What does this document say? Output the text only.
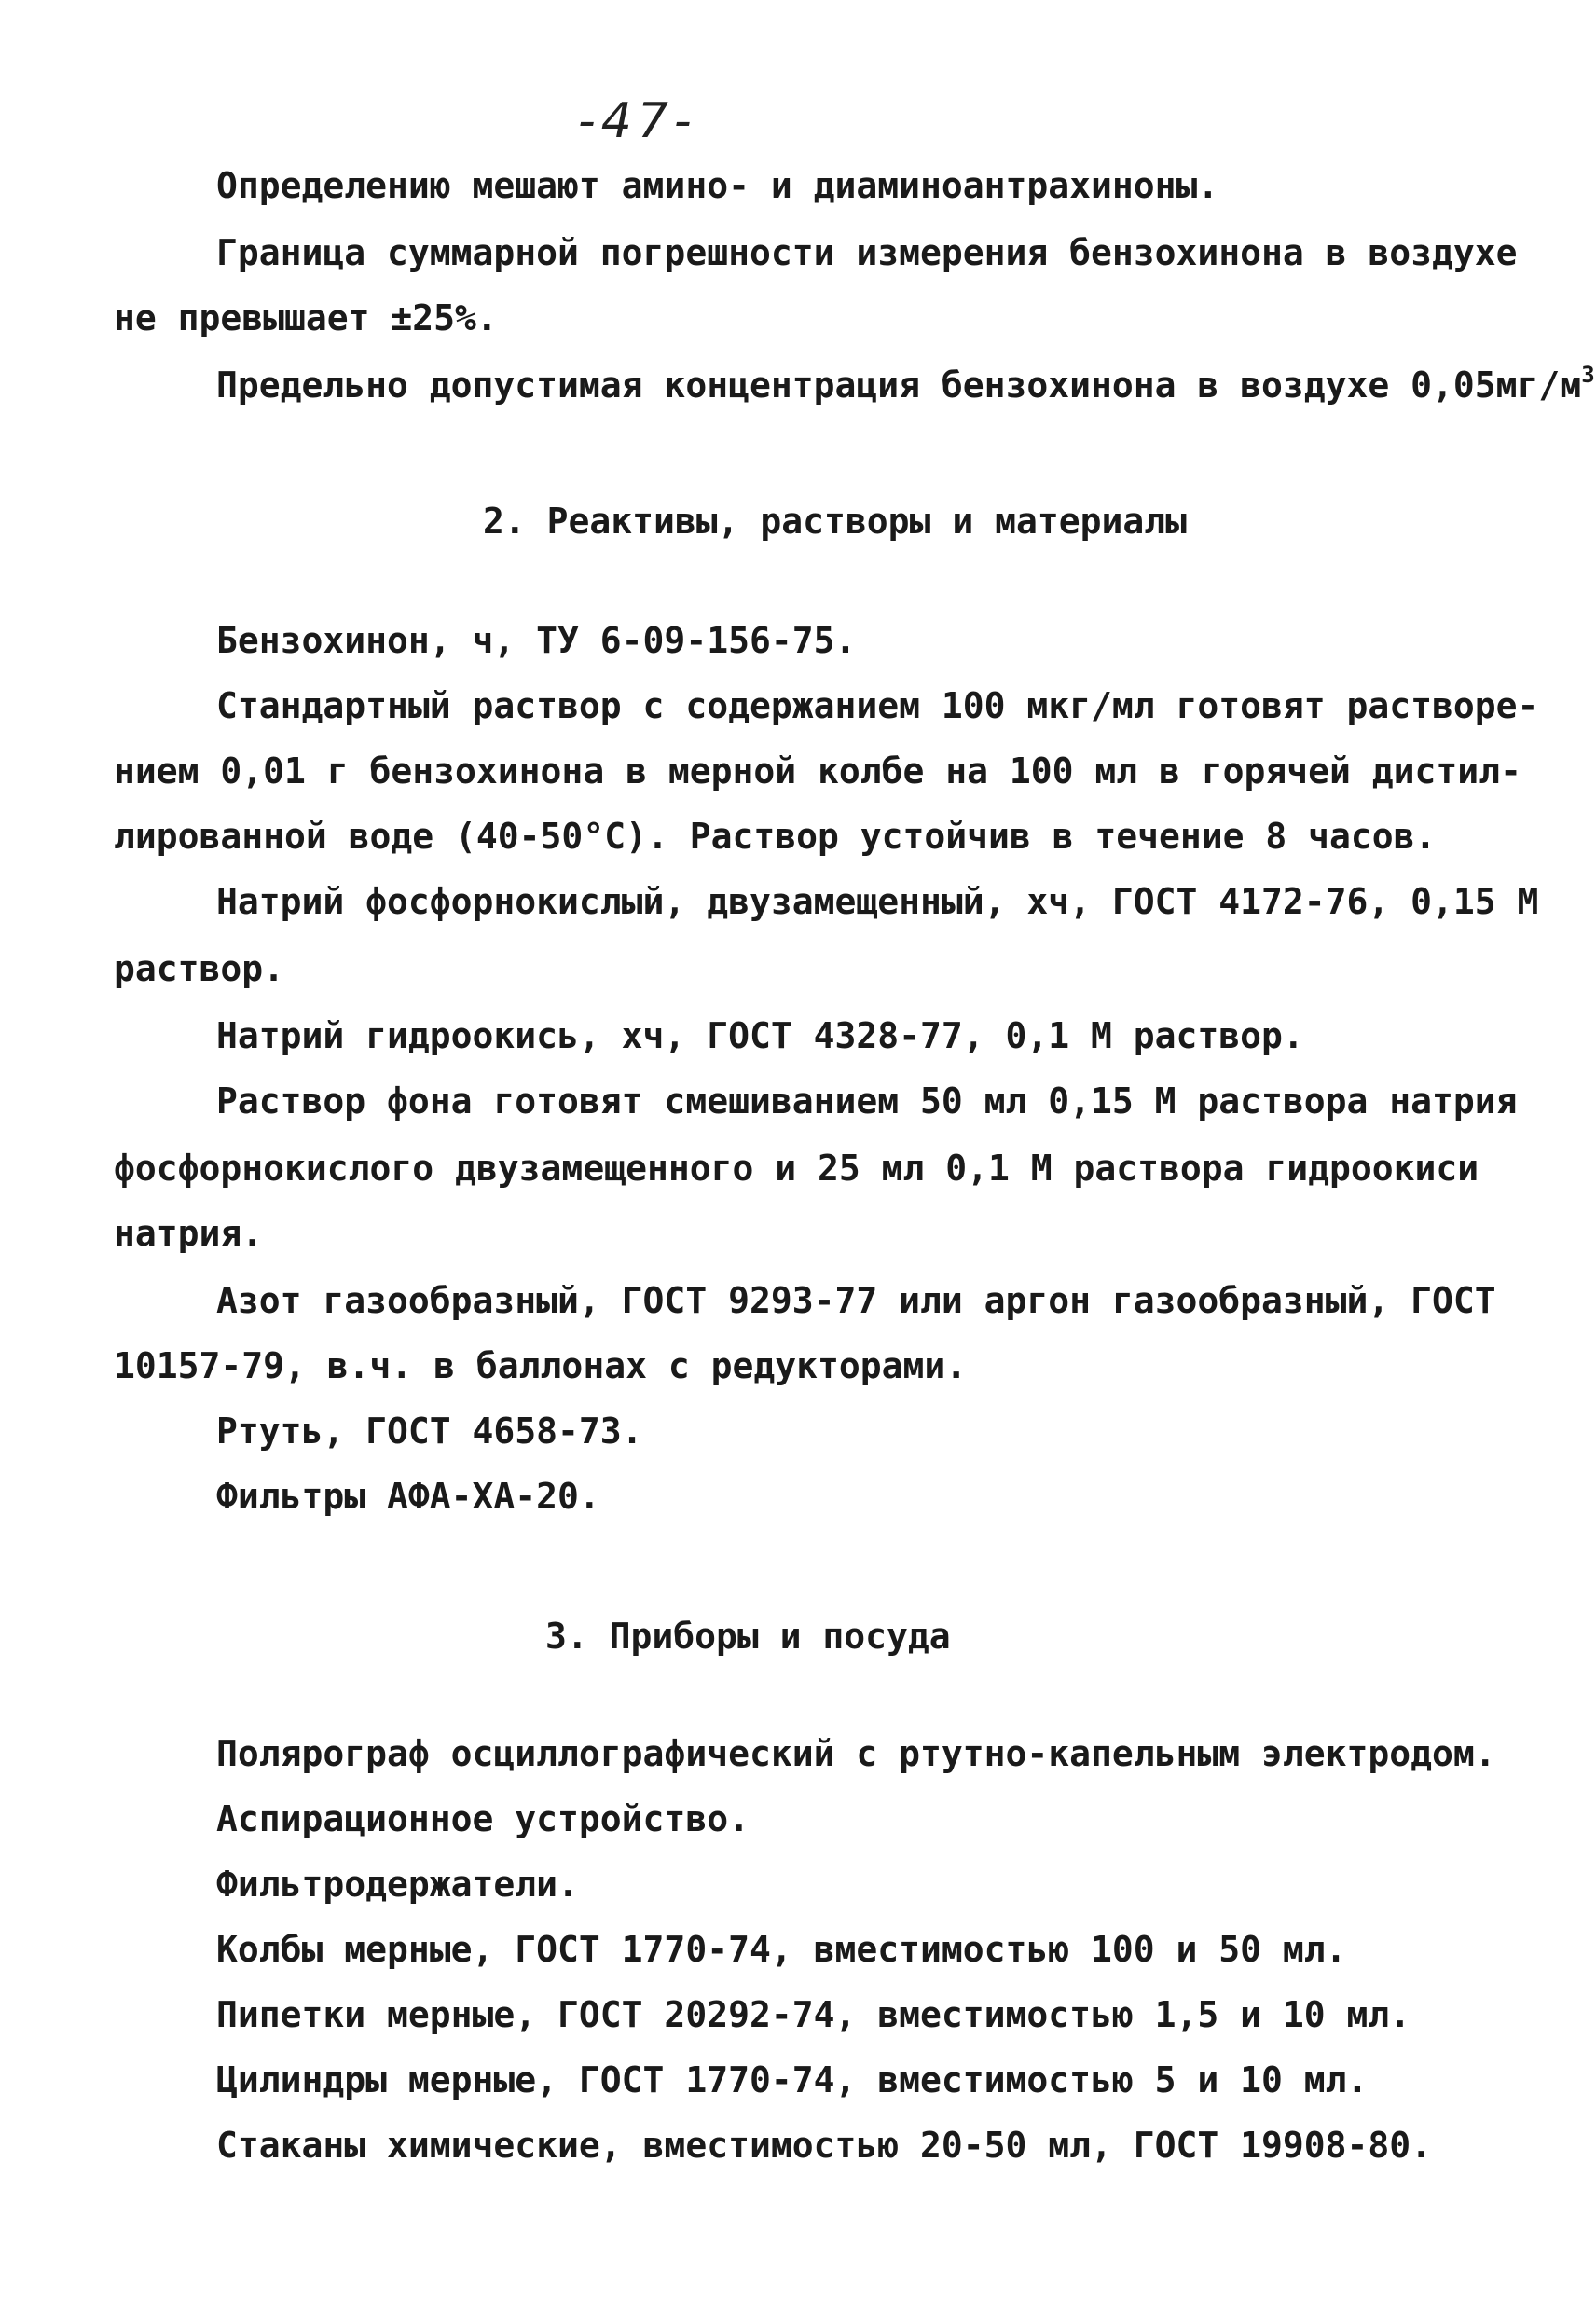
-47-
Определению мешают амино- и диаминоантрахиноны.
Граница суммарной погрешности измерения бензохинона в воздухе
не превышает ±25%.
Предельно допустимая концентрация бензохинона в воздухе $0,05мг/м^3$
2. Реактивы, растворы и материалы
Бензохинон, ч, ТУ 6-09-156-75.
Стандартный раствор с содержанием 100 мкг/мл готовят растворе-
нием 0,01 г бензохинона в мерной колбе на 100 мл в горячей дистил-
лированной воде (40-50°С). Раствор устойчив в течение 8 часов.
Натрий фосфорнокислый, двузамещенный, хч, ГОСТ 4172-76, 0,15 М
раствор.
Натрий гидроокись, хч, ГОСТ 4328-77, 0,1 М раствор.
Раствор фона готовят смешиванием 50 мл 0,15 М раствора натрия
фосфорнокислого двузамещенного и 25 мл 0,1 М раствора гидроокиси
натрия.
Азот газообразный, ГОСТ 9293-77 или аргон газообразный, ГОСТ
10157-79, в.ч. в баллонах с редукторами.
Ртуть, ГОСТ 4658-73.
Фильтры АФА-ХА-20.
3. Приборы и посуда
Полярограф осциллографический с ртутно-капельным электродом.
Аспирационное устройство.
Фильтродержатели.
Колбы мерные, ГОСТ 1770-74, вместимостью 100 и 50 мл.
Пипетки мерные, ГОСТ 20292-74, вместимостью 1,5 и 10 мл.
Цилиндры мерные, ГОСТ 1770-74, вместимостью 5 и 10 мл.
Стаканы химические, вместимостью 20-50 мл, ГОСТ 19908-80.
